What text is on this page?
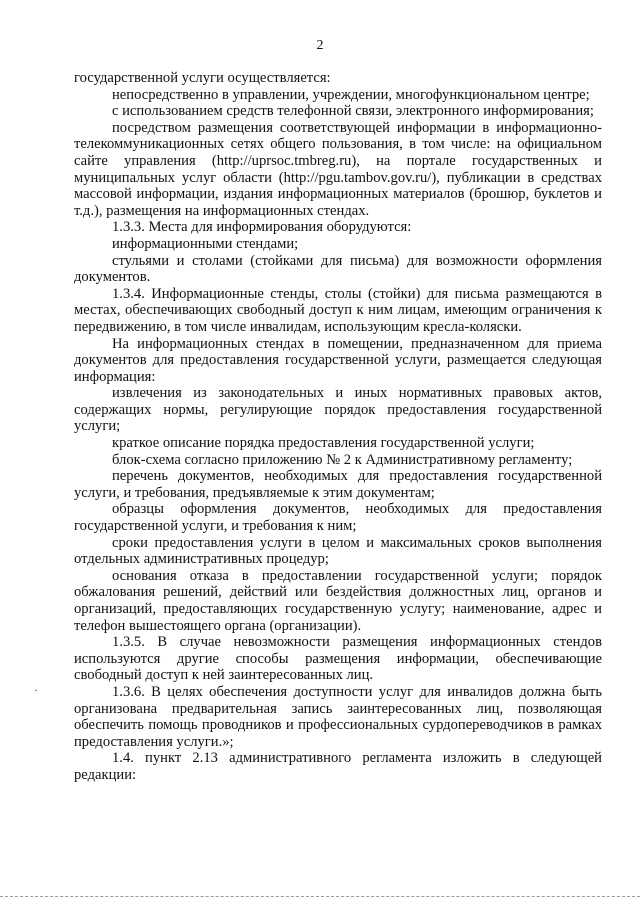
2

государственной услуги осуществляется:

непосредственно в управлении, учреждении, многофункциональном центре;

с использованием средств телефонной связи, электронного информирования;

посредством размещения соответствующей информации в информационно-телекоммуникационных сетях общего пользования, в том числе: на официальном сайте управления (http://uprsoc.tmbreg.ru), на портале государственных и муниципальных услуг области (http://pgu.tambov.gov.ru/), публикации в средствах массовой информации, издания информационных материалов (брошюр, буклетов и т.д.), размещения на информационных стендах.

1.3.3. Места для информирования оборудуются:

информационными стендами;

стульями и столами (стойками для письма) для возможности оформления документов.

1.3.4. Информационные стенды, столы (стойки) для письма размещаются в местах, обеспечивающих свободный доступ к ним лицам, имеющим ограничения к передвижению, в том числе инвалидам, использующим кресла-коляски.

На информационных стендах в помещении, предназначенном для приема документов для предоставления государственной услуги, размещается следующая информация:

извлечения из законодательных и иных нормативных правовых актов, содержащих нормы, регулирующие порядок предоставления государственной услуги;

краткое описание порядка предоставления государственной услуги;

блок-схема согласно приложению № 2 к Административному регламенту;

перечень документов, необходимых для предоставления государственной услуги, и требования, предъявляемые к этим документам;

образцы оформления документов, необходимых для предоставления государственной услуги, и требования к ним;

сроки предоставления услуги в целом и максимальных сроков выполнения отдельных административных процедур;

основания отказа в предоставлении государственной услуги; порядок обжалования решений, действий или бездействия должностных лиц, органов и организаций, предоставляющих государственную услугу; наименование, адрес и телефон вышестоящего органа (организации).

1.3.5. В случае невозможности размещения информационных стендов используются другие способы размещения информации, обеспечивающие свободный доступ к ней заинтересованных лиц.

1.3.6. В целях обеспечения доступности услуг для инвалидов должна быть организована предварительная запись заинтересованных лиц, позволяющая обеспечить помощь проводников и профессиональных сурдопереводчиков в рамках предоставления услуги.»;

1.4. пункт 2.13 административного регламента изложить в следующей редакции:

·
